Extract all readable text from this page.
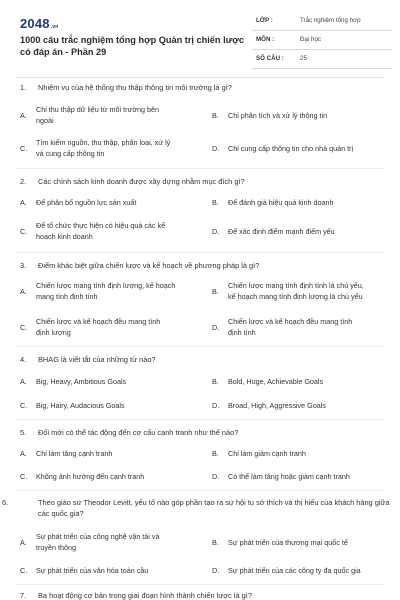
2048.vn
1000 câu trắc nghiệm tổng hợp Quản trị chiến lược có đáp án - Phần 29
LỚP :	Trắc nghiệm tổng hợp
MÔN :	Đại học
SỐ CÂU :	25
1. Nhiệm vụ của hệ thống thu thập thông tin môi trường là gì?
A.
Chỉ thu thập dữ liệu từ môi trường bên
ngoài
B. Chỉ phân tích và xử lý thông tin
C.
Tìm kiếm nguồn, thu thập, phân loại, xử lý
và cung cấp thông tin
D. Chỉ cung cấp thông tin cho nhà quản trị
2. Các chính sách kinh doanh được xây dựng nhằm mục đích gì?
A. Để phân bổ nguồn lực sản xuất	B. Để đánh giá hiệu quả kinh doanh
C.
Để tổ chức thực hiện có hiệu quả các kế
hoạch kinh doanh
D. Để xác định điểm mạnh điểm yếu
3. Điểm khác biệt giữa chiến lược và kế hoạch về phương pháp là gì?
A.
Chiến lược mang tính định lượng, kế hoạch
mang tính định tính
B.
Chiến lược mang tính định tính là chủ yếu,
kế hoạch mang tính định lượng là chủ yếu
C.
Chiến lược và kế hoạch đều mang tính
định lượng
D.
Chiến lược và kế hoạch đều mang tính
định tính
4. BHAG là viết tắt của những từ nào?
A. Big, Heavy, Ambitious Goals	B. Bold, Huge, Achievable Goals
C. Big, Hairy, Audacious Goals	D. Broad, High, Aggressive Goals
5. Đối mới có thể tác động đến cơ cấu cạnh tranh như thế nào?
A. Chỉ làm tăng cạnh tranh	B. Chỉ làm giảm cạnh tranh
C. Không ảnh hưởng đến cạnh tranh	D. Có thể làm tăng hoặc giảm cạnh tranh
6.	Theo giáo sư Theodor Levitt, yếu tố nào góp phần tạo ra sự hội tụ sở thích và thị hiếu của khách hàng giữa các quốc gia?
A.
Sự phát triển của công nghệ vận tải và
truyền thông
B. Sự phát triển của thương mại quốc tế
C. Sự phát triển của văn hóa toàn cầu	D. Sự phát triển của các công ty đa quốc gia
7. Ba hoạt động cơ bản trong giai đoạn hình thành chiến lược là gì?
